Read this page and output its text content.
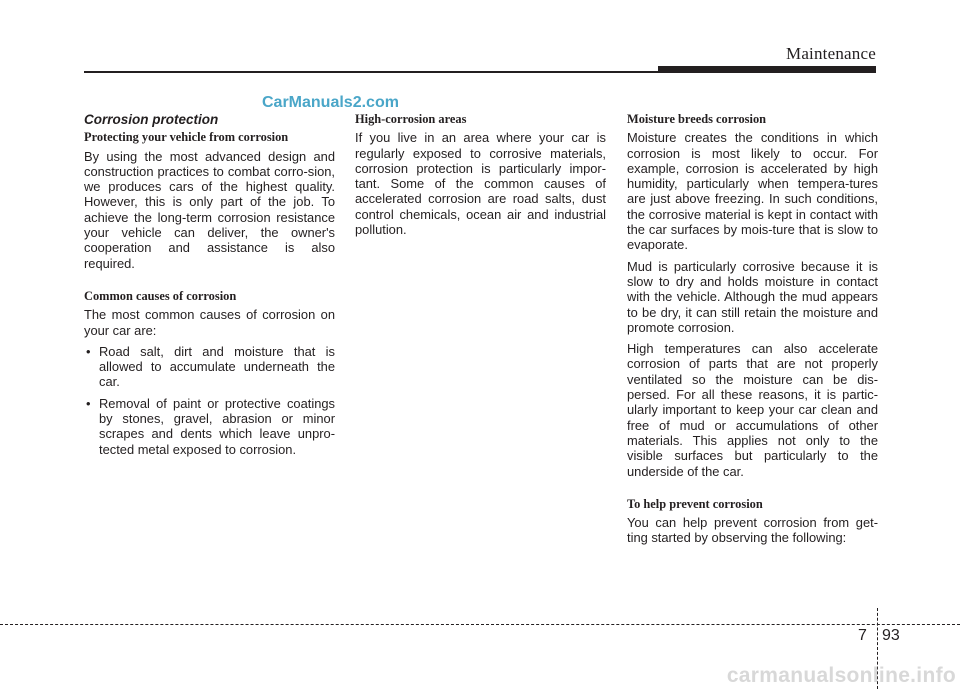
Maintenance
CarManuals2.com
Corrosion protection
Protecting your vehicle from corrosion

By using the most advanced design and construction practices to combat corro-sion, we produces cars of the highest quality. However, this is only part of the job. To achieve the long-term corrosion resistance your vehicle can deliver, the owner's cooperation and assistance is also required.

Common causes of corrosion

The most common causes of corrosion on your car are:

• Road salt, dirt and moisture that is allowed to accumulate underneath the car.
• Removal of paint or protective coatings by stones, gravel, abrasion or minor scrapes and dents which leave unpro-tected metal exposed to corrosion.
High-corrosion areas

If you live in an area where your car is regularly exposed to corrosive materials, corrosion protection is particularly impor-tant. Some of the common causes of accelerated corrosion are road salts, dust control chemicals, ocean air and industrial pollution.

Moisture breeds corrosion

Moisture creates the conditions in which corrosion is most likely to occur. For example, corrosion is accelerated by high humidity, particularly when tempera-tures are just above freezing. In such conditions, the corrosive material is kept in contact with the car surfaces by mois-ture that is slow to evaporate.

Mud is particularly corrosive because it is slow to dry and holds moisture in contact with the vehicle. Although the mud appears to be dry, it can still retain the moisture and promote corrosion.

High temperatures can also accelerate corrosion of parts that are not properly ventilated so the moisture can be dis-persed. For all these reasons, it is partic-ularly important to keep your car clean and free of mud or accumulations of other materials. This applies not only to the visible surfaces but particularly to the underside of the car.

To help prevent corrosion

You can help prevent corrosion from get-ting started by observing the following:

7 93
carmanualsonline.info
